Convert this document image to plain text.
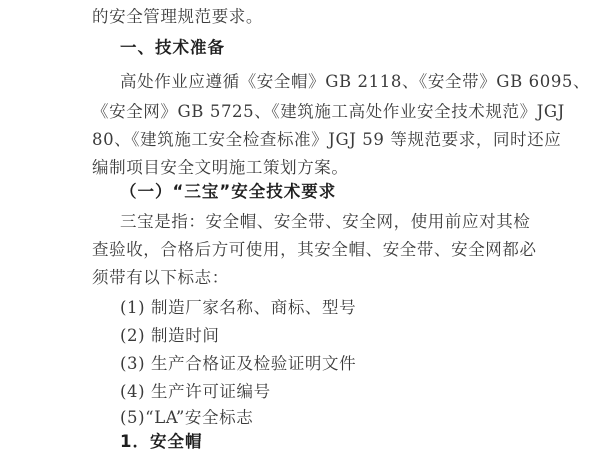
的安全管理规范要求。
一、技术准备
高处作业应遵循《安全帽》GB 2118、《安全带》GB 6095、
《安全网》GB 5725、《建筑施工高处作业安全技术规范》JGJ
80、《建筑施工安全检查标准》JGJ 59 等规范要求，同时还应
编制项目安全文明施工策划方案。
（一）“三宝”安全技术要求
三宝是指：安全帽、安全带、安全网，使用前应对其检
查验收，合格后方可使用，其安全帽、安全带、安全网都必
须带有以下标志：
(1) 制造厂家名称、商标、型号
(2) 制造时间
(3) 生产合格证及检验证明文件
(4) 生产许可证编号
(5)“LA”安全标志
1．安全帽
